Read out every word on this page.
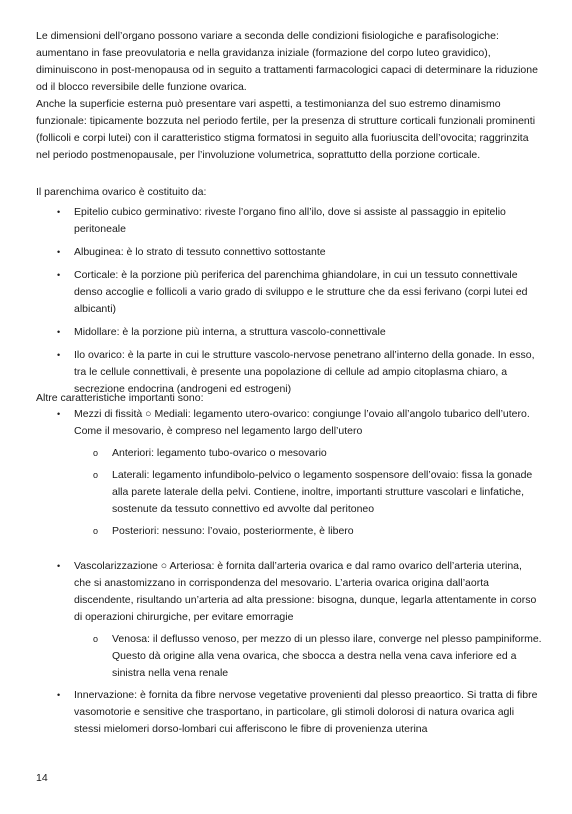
Le dimensioni dell’organo possono variare a seconda delle condizioni fisiologiche e parafisologiche: aumentano in fase preovulatoria e nella gravidanza iniziale (formazione del corpo luteo gravidico), diminuiscono in post-menopausa od in seguito a trattamenti farmacologici capaci di determinare la riduzione od il blocco reversibile delle funzione ovarica.

Anche la superficie esterna può presentare vari aspetti, a testimonianza del suo estremo dinamismo funzionale: tipicamente bozzuta nel periodo fertile, per la presenza di strutture corticali funzionali prominenti (follicoli e corpi lutei) con il caratteristico stigma formatosi in seguito alla fuoriuscita dell’ovocita; raggrinzita nel periodo postmenopausale, per l’involuzione volumetrica, soprattutto della porzione corticale.

Il parenchima ovarico è costituito da:
• Epitelio cubico germinativo: riveste l’organo fino all’ilo, dove si assiste al passaggio in epitelio peritoneale
• Albuginea: è lo strato di tessuto connettivo sottostante
• Corticale: è la porzione più periferica del parenchima ghiandolare, in cui un tessuto connettivale denso accoglie e follicoli a vario grado di sviluppo e le strutture che da essi ferivano (corpi lutei ed albicanti)
• Midollare: è la porzione più interna, a struttura vascolo-connettivale
• Ilo ovarico: è la parte in cui le strutture vascolo-nervose penetrano all’interno della gonade. In esso, tra le cellule connettivali, è presente una popolazione di cellule ad ampio citoplasma chiaro, a secrezione endocrina (androgeni ed estrogeni)
Altre caratteristiche importanti sono:
• Mezzi di fissità ○ Mediali: legamento utero-ovarico: congiunge l’ovaio all’angolo tubarico dell’utero. Come il mesovario, è compreso nel legamento largo dell’utero
o Anteriori: legamento tubo-ovarico o mesovario
o Laterali: legamento infundibolo-pelvico o legamento sospensore dell’ovaio: fissa la gonade alla parete laterale della pelvi. Contiene, inoltre, importanti strutture vascolari e linfatiche, sostenute da tessuto connettivo ed avvolte dal peritoneo
o Posteriori: nessuno: l’ovaio, posteriormente, è libero
• Vascolarizzazione ○ Arteriosa: è fornita dall’arteria ovarica e dal ramo ovarico dell’arteria uterina, che si anastomizzano in corrispondenza del mesovario. L’arteria ovarica origina dall’aorta discendente, risultando un’arteria ad alta pressione: bisogna, dunque, legarla attentamente in corso di operazioni chirurgiche, per evitare emorragie
o Venosa: il deflusso venoso, per mezzo di un plesso ilare, converge nel plesso pampiniforme. Questo dà origine alla vena ovarica, che sbocca a destra nella vena cava inferiore ed a sinistra nella vena renale
• Innervazione: è fornita da fibre nervose vegetative provenienti dal plesso preaortico. Si tratta di fibre vasomotorie e sensitive che trasportano, in particolare, gli stimoli dolorosi di natura ovarica agli stessi mielomeri dorso-lombari cui afferiscono le fibre di provenienza uterina
14
